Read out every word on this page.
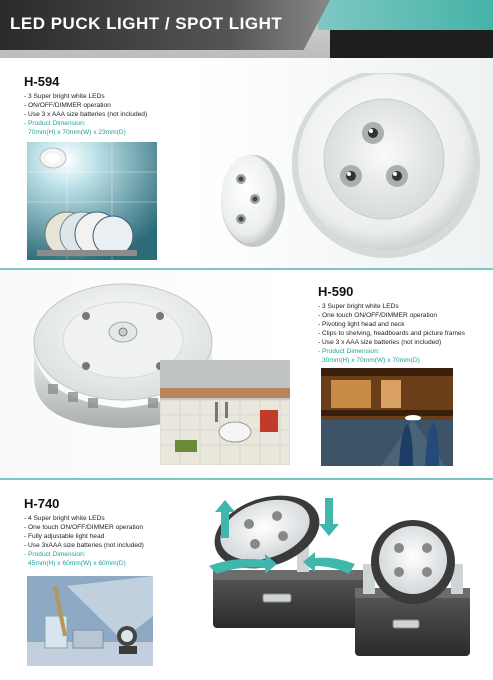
LED PUCK LIGHT / SPOT LIGHT
H-594
- 3 Super bright white LEDs
- ON/OFF/DIMMER operation
- Use 3 x AAA size batteries (not included)
- Product Dimension:
70mm(H) x 70mm(W) x 23mm(D)
H-590
- 3 Super bright white LEDs
- One touch ON/OFF/DIMMER operation
- Pivoting light head and neck
- Clips to shelving, headboards and picture frames
- Use 3 x AAA size batteries (not included)
- Product Dimension:
30mm(H) x 70mm(W) x 70mm(D)
H-740
- 4 Super bright white LEDs
- One touch ON/OFF/DIMMER operation
- Fully adjustable light head
- Use 3xAAA size batteries (not included)
- Product Dimension:
45mm(H) x 60mm(W) x 60mm(D)
